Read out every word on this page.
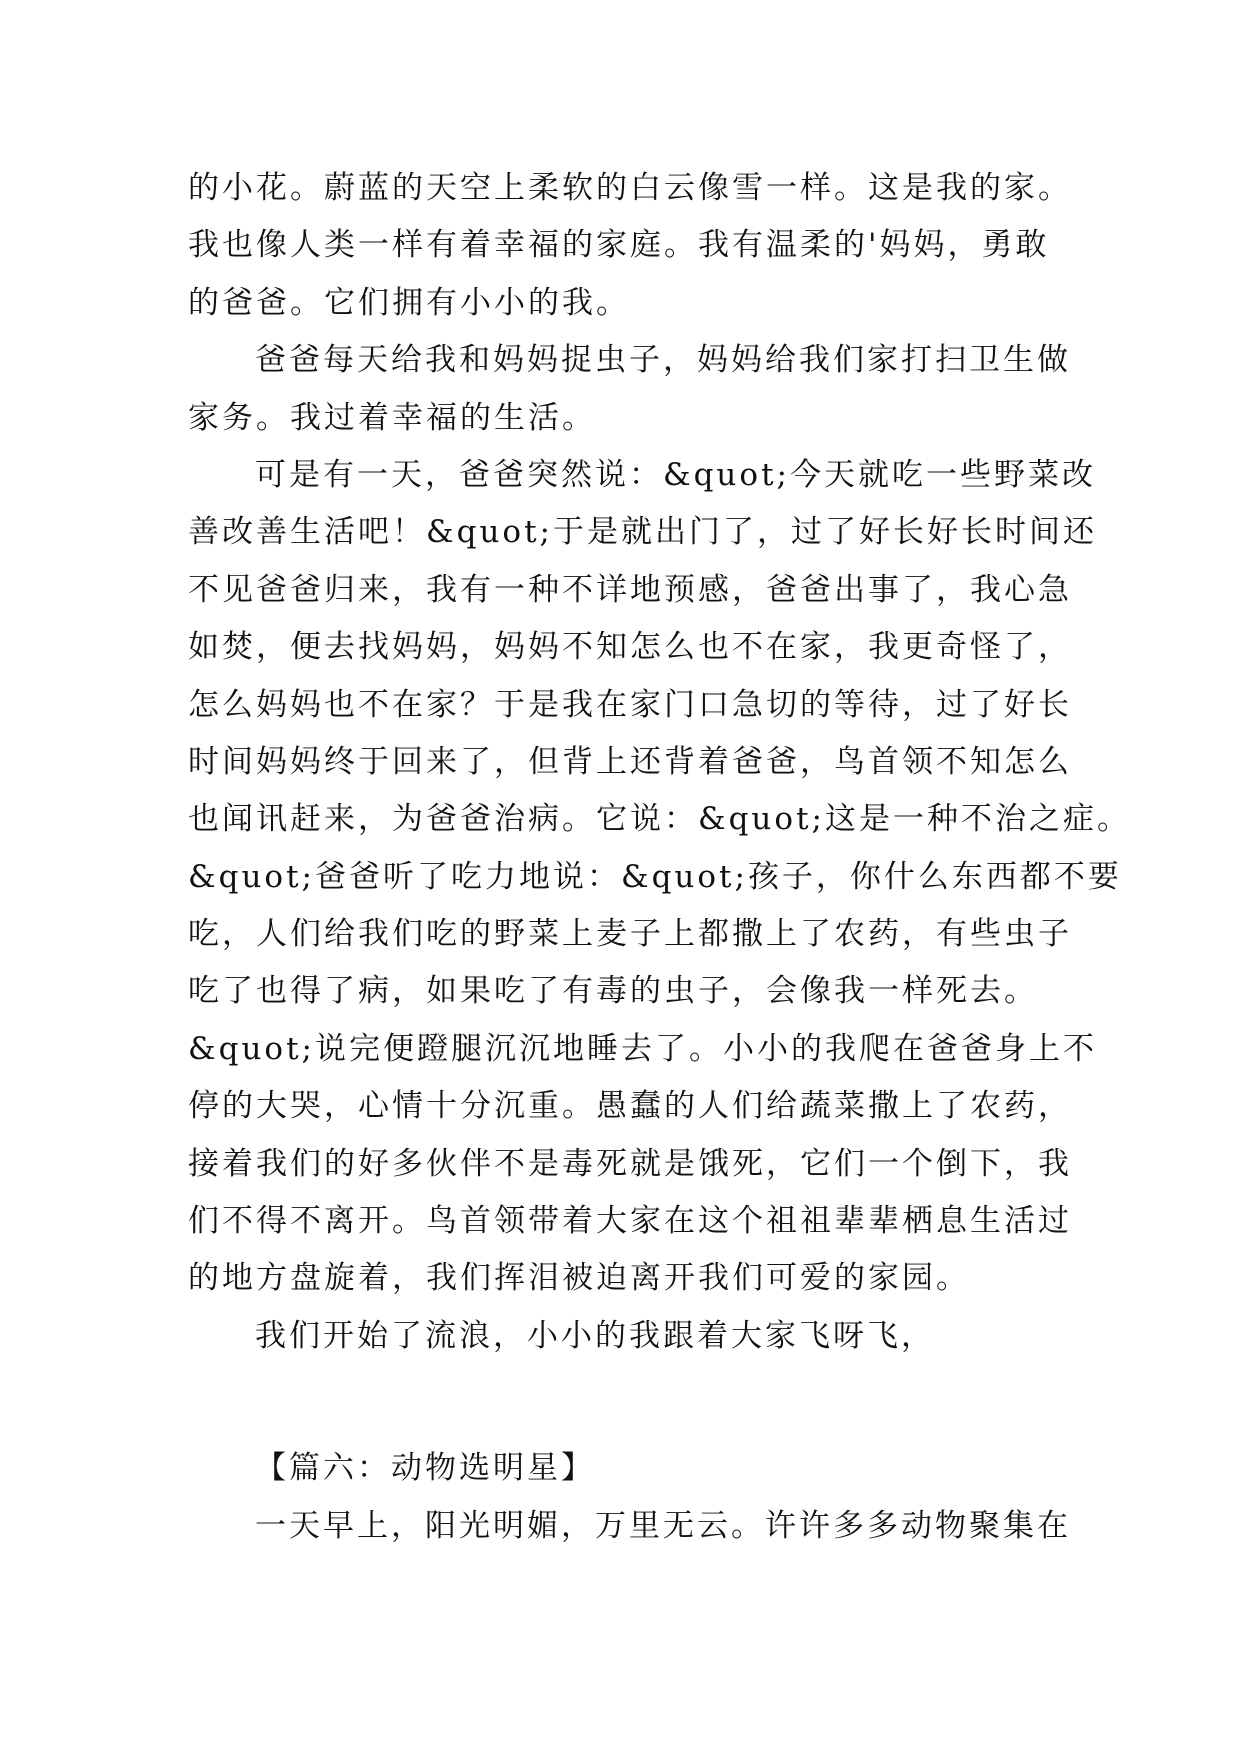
的小花。蔚蓝的天空上柔软的白云像雪一样。这是我的家。
我也像人类一样有着幸福的家庭。我有温柔的'妈妈，勇敢
的爸爸。它们拥有小小的我。
爸爸每天给我和妈妈捉虫子，妈妈给我们家打扫卫生做
家务。我过着幸福的生活。
可是有一天，爸爸突然说：&quot;今天就吃一些野菜改
善改善生活吧！&quot;于是就出门了，过了好长好长时间还
不见爸爸归来，我有一种不详地预感，爸爸出事了，我心急
如焚，便去找妈妈，妈妈不知怎么也不在家，我更奇怪了，
怎么妈妈也不在家？于是我在家门口急切的等待，过了好长
时间妈妈终于回来了，但背上还背着爸爸，鸟首领不知怎么
也闻讯赶来，为爸爸治病。它说：&quot;这是一种不治之症。
&quot;爸爸听了吃力地说：&quot;孩子，你什么东西都不要
吃，人们给我们吃的野菜上麦子上都撒上了农药，有些虫子
吃了也得了病，如果吃了有毒的虫子，会像我一样死去。
&quot;说完便蹬腿沉沉地睡去了。小小的我爬在爸爸身上不
停的大哭，心情十分沉重。愚蠢的人们给蔬菜撒上了农药，
接着我们的好多伙伴不是毒死就是饿死，它们一个倒下，我
们不得不离开。鸟首领带着大家在这个祖祖辈辈栖息生活过
的地方盘旋着，我们挥泪被迫离开我们可爱的家园。
我们开始了流浪，小小的我跟着大家飞呀飞，
【篇六：动物选明星】
一天早上，阳光明媚，万里无云。许许多多动物聚集在
